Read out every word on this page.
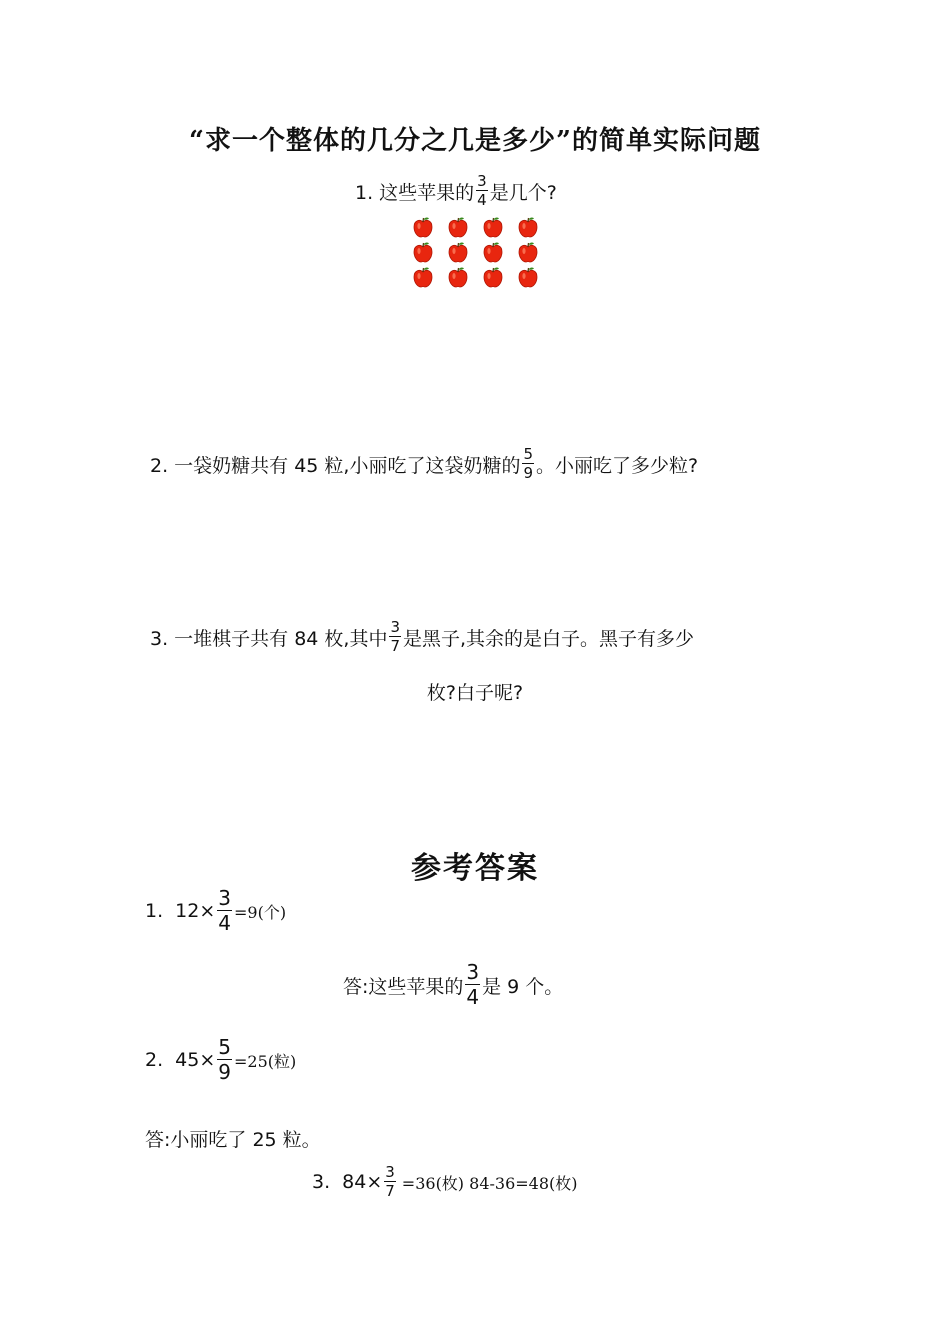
“求一个整体的几分之几是多少”的简单实际问题
1. 这些苹果的 $\frac{3}{4}$ 是几个?
2. 一袋奶糖共有 45 粒,小丽吃了这袋奶糖的 $\frac{5}{9}$ 。小丽吃了多少粒?
3. 一堆棋子共有 84 枚,其中 $\frac{3}{7}$ 是黑子,其余的是白子。黑子有多少
枚?白子呢?
参考答案
1. $12\times \frac{3}{4} =9$(个)
答:这些苹果的 $\frac{3}{4}$ 是 9 个。
2. $45\times \frac{5}{9} =25$(粒)
答:小丽吃了 25 粒。
3. $84\times \frac{3}{7} =36$(枚) 84-36=48(枚)
